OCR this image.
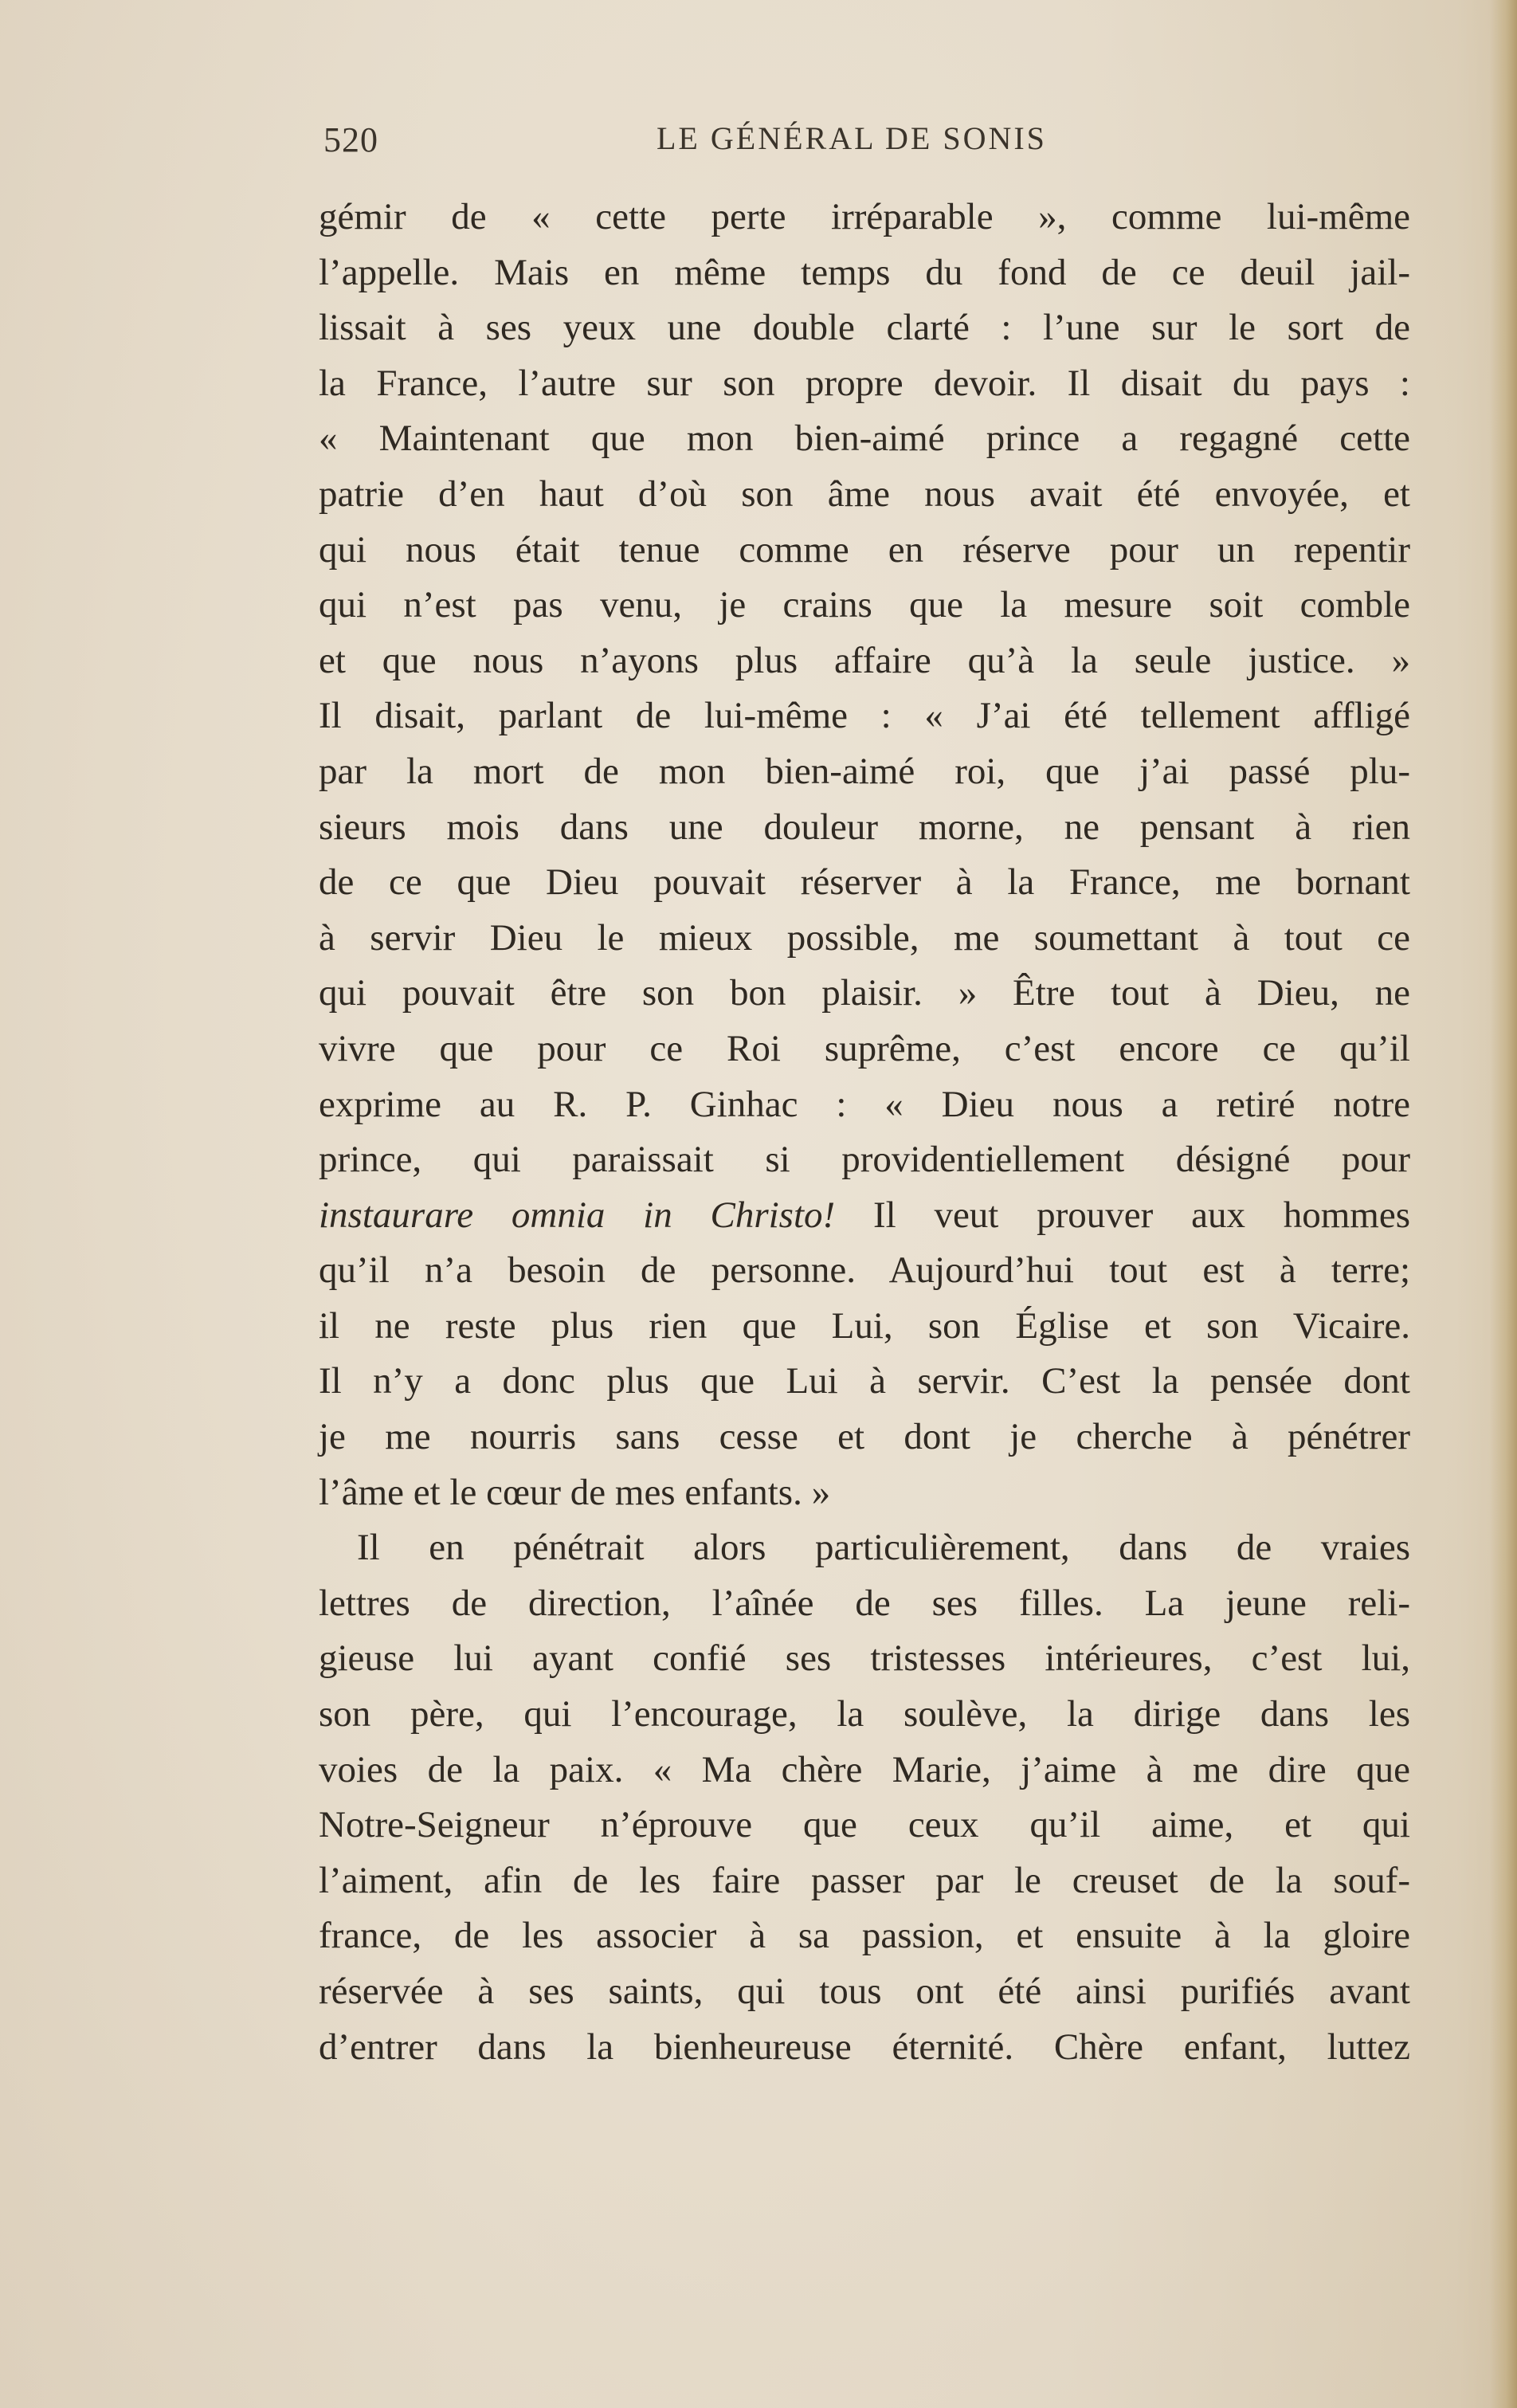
520	LE GÉNÉRAL DE SONIS
gémir de « cette perte irréparable », comme lui-même
l’appelle. Mais en même temps du fond de ce deuil jail-
lissait à ses yeux une double clarté : l’une sur le sort de
la France, l’autre sur son propre devoir. Il disait du pays :
« Maintenant que mon bien-aimé prince a regagné cette
patrie d’en haut d’où son âme nous avait été envoyée, et
qui nous était tenue comme en réserve pour un repentir
qui n’est pas venu, je crains que la mesure soit comble
et que nous n’ayons plus affaire qu’à la seule justice. »
Il disait, parlant de lui-même : « J’ai été tellement affligé
par la mort de mon bien-aimé roi, que j’ai passé plu-
sieurs mois dans une douleur morne, ne pensant à rien
de ce que Dieu pouvait réserver à la France, me bornant
à servir Dieu le mieux possible, me soumettant à tout ce
qui pouvait être son bon plaisir. » Être tout à Dieu, ne
vivre que pour ce Roi suprême, c’est encore ce qu’il
exprime au R. P. Ginhac : « Dieu nous a retiré notre
prince, qui paraissait si providentiellement désigné pour
instaurare omnia in Christo! Il veut prouver aux hommes
qu’il n’a besoin de personne. Aujourd’hui tout est à terre;
il ne reste plus rien que Lui, son Église et son Vicaire.
Il n’y a donc plus que Lui à servir. C’est la pensée dont
je me nourris sans cesse et dont je cherche à pénétrer
l’âme et le cœur de mes enfants. »
Il en pénétrait alors particulièrement, dans de vraies
lettres de direction, l’aînée de ses filles. La jeune reli-
gieuse lui ayant confié ses tristesses intérieures, c’est lui,
son père, qui l’encourage, la soulève, la dirige dans les
voies de la paix. « Ma chère Marie, j’aime à me dire que
Notre-Seigneur n’éprouve que ceux qu’il aime, et qui
l’aiment, afin de les faire passer par le creuset de la souf-
france, de les associer à sa passion, et ensuite à la gloire
réservée à ses saints, qui tous ont été ainsi purifiés avant
d’entrer dans la bienheureuse éternité. Chère enfant, luttez
